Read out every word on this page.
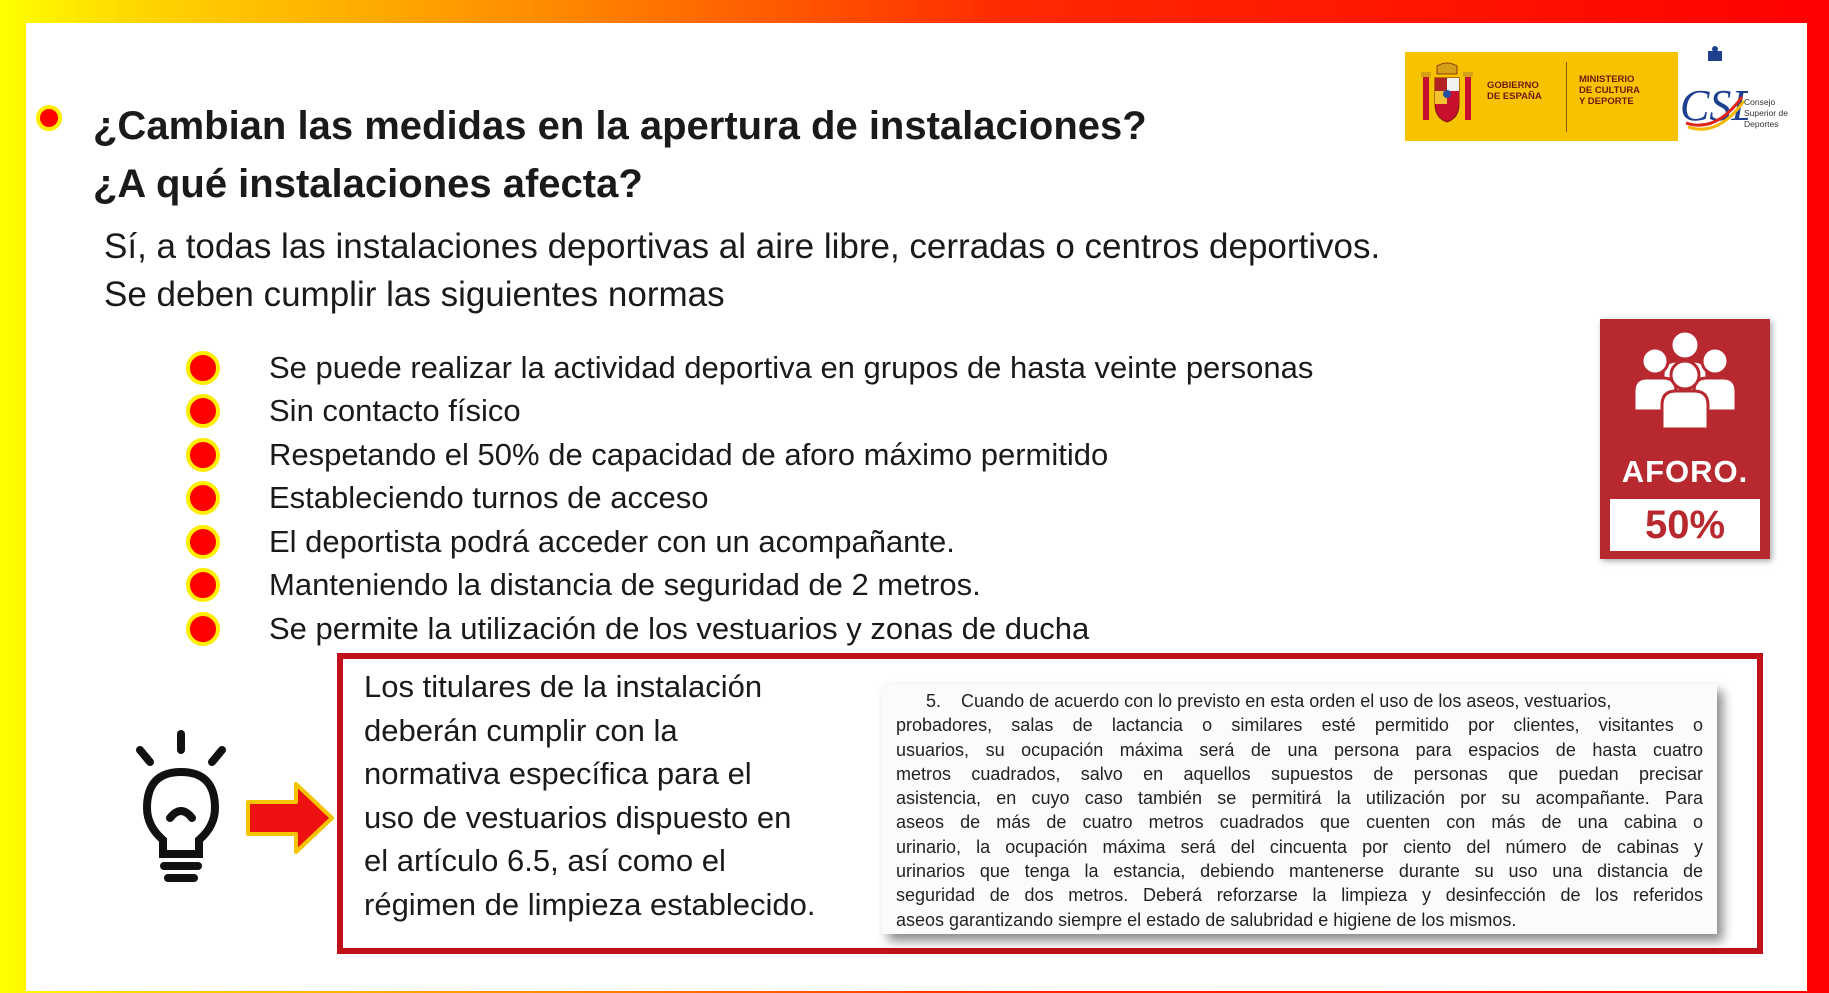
¿Cambian las medidas en la apertura de instalaciones?
¿A qué instalaciones afecta?
GOBIERNO
DE ESPAÑA
MINISTERIO
DE CULTURA
Y DEPORTE CS	Consejo
Superior de
Deportes
Sí, a todas las instalaciones deportivas al aire libre, cerradas o centros deportivos.
Se deben cumplir las siguientes normas
Se puede realizar la actividad deportiva en grupos de hasta veinte personas
Sin contacto físico
Respetando el 50% de capacidad de aforo máximo permitido
Estableciendo turnos de acceso
El deportista podrá acceder con un acompañante.
Manteniendo la distancia de seguridad de 2 metros.
Se permite la utilización de los vestuarios y zonas de ducha
AFORO.
50%
Los titulares de la instalación
deberán cumplir con la
normativa específica para el
uso de vestuarios dispuesto en
el artículo 6.5, así como el
régimen de limpieza establecido.
5.    Cuando de acuerdo con lo previsto en esta orden el uso de los aseos, vestuarios,
probadores, salas de lactancia o similares esté permitido por clientes, visitantes o
usuarios, su ocupación máxima será de una persona para espacios de hasta cuatro
metros cuadrados, salvo en aquellos supuestos de personas que puedan precisar
asistencia, en cuyo caso también se permitirá la utilización por su acompañante. Para
aseos de más de cuatro metros cuadrados que cuenten con más de una cabina o
urinario, la ocupación máxima será del cincuenta por ciento del número de cabinas y
urinarios que tenga la estancia, debiendo mantenerse durante su uso una distancia de
seguridad de dos metros. Deberá reforzarse la limpieza y desinfección de los referidos
aseos garantizando siempre el estado de salubridad e higiene de los mismos.
